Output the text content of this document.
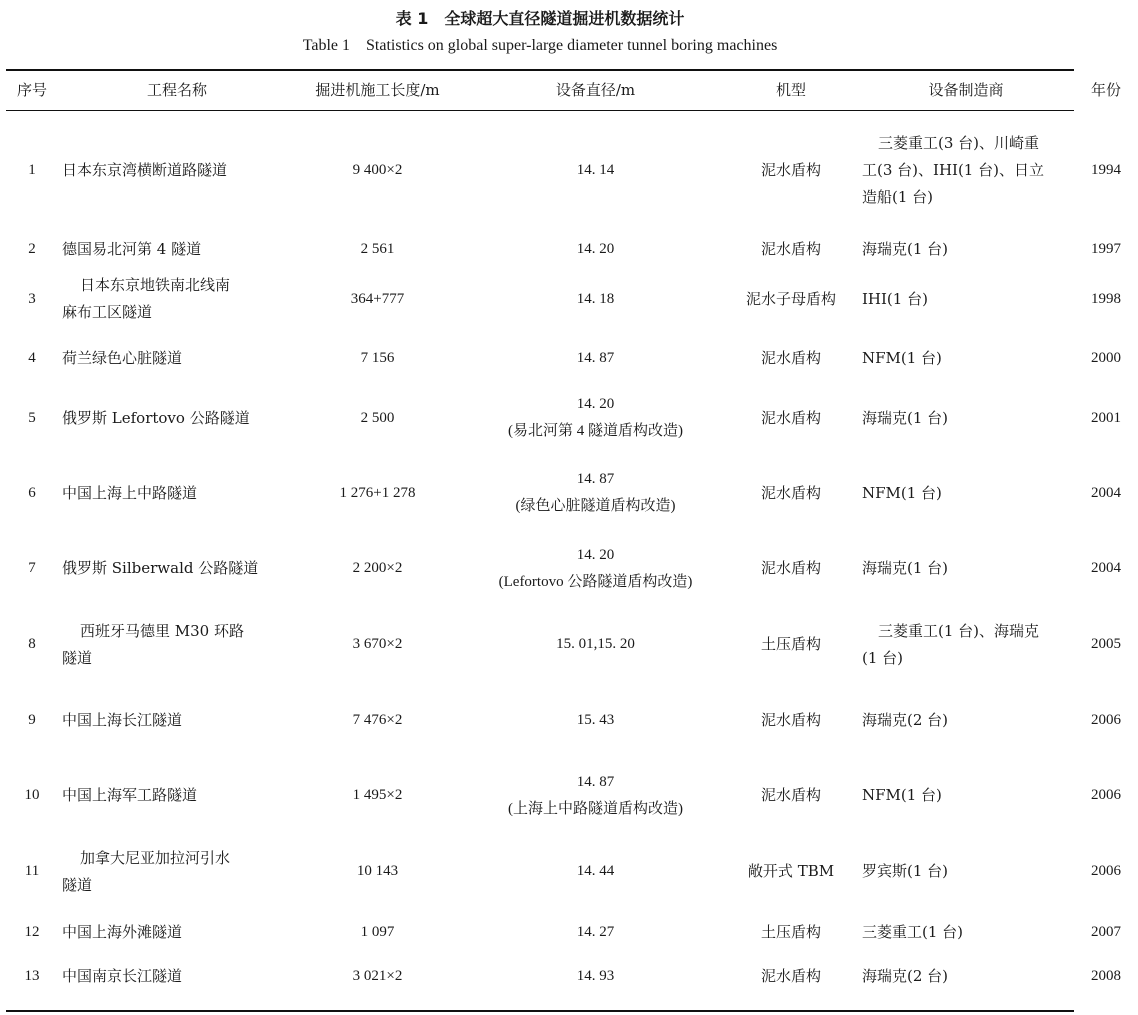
表 1　全球超大直径隧道掘进机数据统计
Table 1 Statistics on global super-large diameter tunnel boring machines
序号	工程名称	掘进机施工长度/m	设备直径/m	机型	设备制造商	年份
1	日本东京湾横断道路隧道	9 400×2	14. 14	泥水盾构	三菱重工(3 台)、川崎重
工(3 台)、IHI(1 台)、日立
造船(1 台)	1994
2	德国易北河第 4 隧道	2 561	14. 20	泥水盾构	海瑞克(1 台)	1997
3	日本东京地铁南北线南
麻布工区隧道	364+777	14. 18	泥水子母盾构	IHI(1 台)	1998
4	荷兰绿色心脏隧道	7 156	14. 87	泥水盾构	NFM(1 台)	2000
5	俄罗斯 Lefortovo 公路隧道	2 500	14. 20
(易北河第 4 隧道盾构改造)	泥水盾构	海瑞克(1 台)	2001
6	中国上海上中路隧道	1 276+1 278	14. 87
(绿色心脏隧道盾构改造)	泥水盾构	NFM(1 台)	2004
7	俄罗斯 Silberwald 公路隧道	2 200×2	14. 20
(Lefortovo 公路隧道盾构改造)	泥水盾构	海瑞克(1 台)	2004
8	西班牙马德里 M30 环路
隧道	3 670×2	15. 01,15. 20	土压盾构	三菱重工(1 台)、海瑞克
(1 台)	2005
9	中国上海长江隧道	7 476×2	15. 43	泥水盾构	海瑞克(2 台)	2006
10	中国上海军工路隧道	1 495×2	14. 87
(上海上中路隧道盾构改造)	泥水盾构	NFM(1 台)	2006
11	加拿大尼亚加拉河引水
隧道	10 143	14. 44	敞开式 TBM	罗宾斯(1 台)	2006
12	中国上海外滩隧道	1 097	14. 27	土压盾构	三菱重工(1 台)	2007
13	中国南京长江隧道	3 021×2	14. 93	泥水盾构	海瑞克(2 台)	2008
